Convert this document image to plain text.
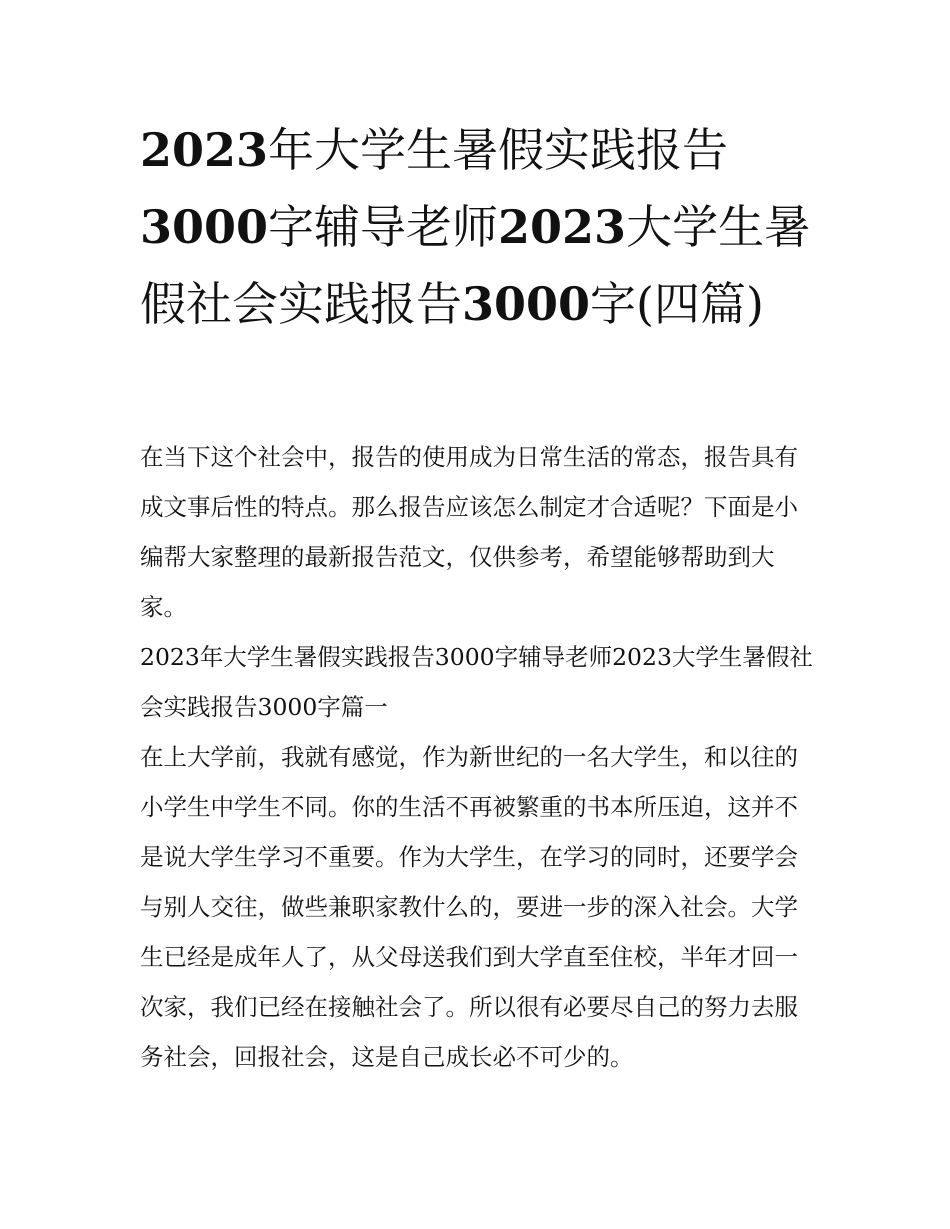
2023年大学生暑假实践报告3000字辅导老师2023大学生暑假社会实践报告3000字(四篇)

在当下这个社会中，报告的使用成为日常生活的常态，报告具有成文事后性的特点。那么报告应该怎么制定才合适呢？下面是小编帮大家整理的最新报告范文，仅供参考，希望能够帮助到大家。

2023年大学生暑假实践报告3000字辅导老师2023大学生暑假社会实践报告3000字篇一

在上大学前，我就有感觉，作为新世纪的一名大学生，和以往的小学生中学生不同。你的生活不再被繁重的书本所压迫，这并不是说大学生学习不重要。作为大学生，在学习的同时，还要学会与别人交往，做些兼职家教什么的，要进一步的深入社会。大学生已经是成年人了，从父母送我们到大学直至住校，半年才回一次家，我们已经在接触社会了。所以很有必要尽自己的努力去服务社会，回报社会，这是自己成长必不可少的。
